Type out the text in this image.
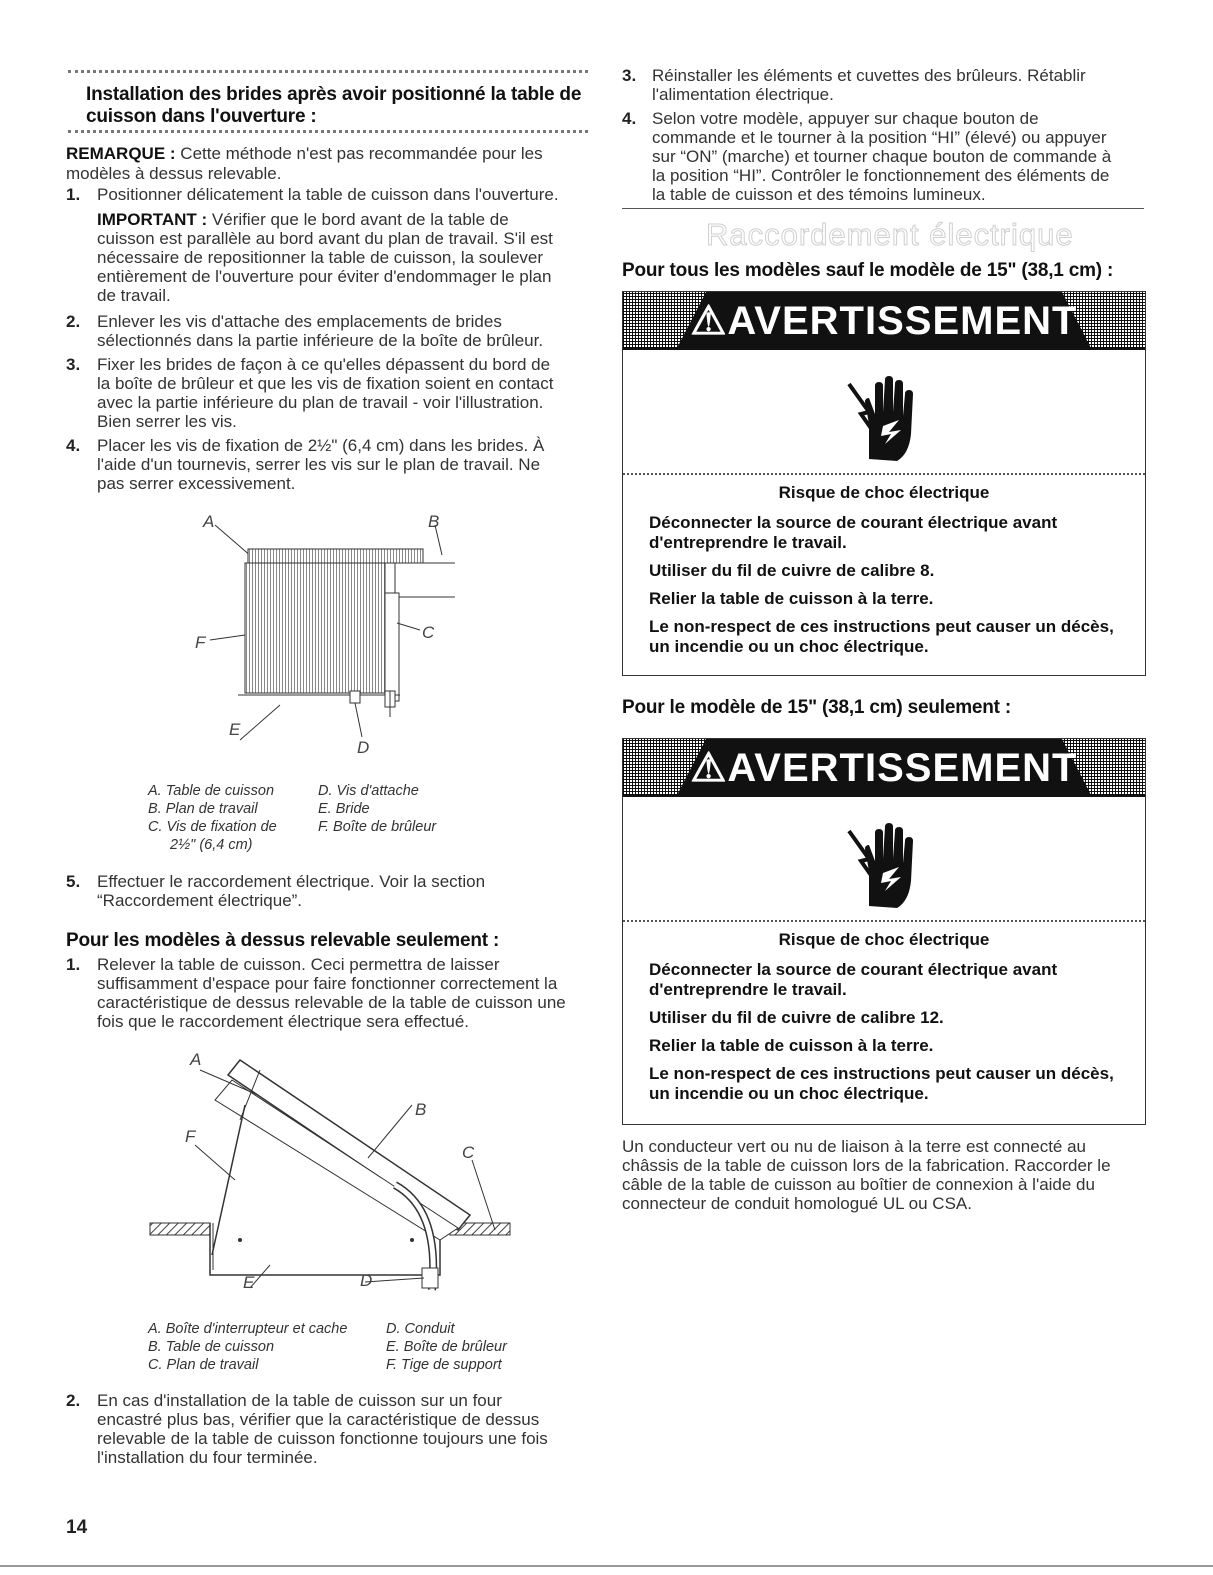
Installation des brides après avoir positionné la table de
cuisson dans l'ouverture :
REMARQUE : Cette méthode n'est pas recommandée pour les
modèles à dessus relevable.
1. Positionner délicatement la table de cuisson dans l'ouverture.
IMPORTANT : Vérifier que le bord avant de la table de
cuisson est parallèle au bord avant du plan de travail. S'il est
nécessaire de repositionner la table de cuisson, la soulever
entièrement de l'ouverture pour éviter d'endommager le plan
de travail.
2. Enlever les vis d'attache des emplacements de brides
sélectionnés dans la partie inférieure de la boîte de brûleur.
3. Fixer les brides de façon à ce qu'elles dépassent du bord de
la boîte de brûleur et que les vis de fixation soient en contact
avec la partie inférieure du plan de travail - voir l'illustration.
Bien serrer les vis.
4. Placer les vis de fixation de 2½" (6,4 cm) dans les brides. À
l'aide d'un tournevis, serrer les vis sur le plan de travail. Ne
pas serrer excessivement.
A	B
C
F
E
D
A. Table de cuisson
B. Plan de travail
C. Vis de fixation de
2½" (6,4 cm)
D. Vis d'attache
E. Bride
F. Boîte de brûleur
5. Effectuer le raccordement électrique. Voir la section
“Raccordement électrique”.
Pour les modèles à dessus relevable seulement :
1. Relever la table de cuisson. Ceci permettra de laisser
suffisamment d'espace pour faire fonctionner correctement la
caractéristique de dessus relevable de la table de cuisson une
fois que le raccordement électrique sera effectué.
A
B
F
C
E	D
A. Boîte d'interrupteur et cache
B. Table de cuisson
C. Plan de travail
D. Conduit
E. Boîte de brûleur
F. Tige de support
2. En cas d'installation de la table de cuisson sur un four
encastré plus bas, vérifier que la caractéristique de dessus
relevable de la table de cuisson fonctionne toujours une fois
l'installation du four terminée.
3. Réinstaller les éléments et cuvettes des brûleurs. Rétablir
l'alimentation électrique.
4. Selon votre modèle, appuyer sur chaque bouton de
commande et le tourner à la position “HI” (élevé) ou appuyer
sur “ON” (marche) et tourner chaque bouton de commande à
la position “HI”. Contrôler le fonctionnement des éléments de
la table de cuisson et des témoins lumineux.
Raccordement électrique
Pour tous les modèles sauf le modèle de 15" (38,1 cm) :
⚠AVERTISSEMENT
Risque de choc électrique
Déconnecter la source de courant électrique avant d'entreprendre le travail.
Utiliser du fil de cuivre de calibre 8.
Relier la table de cuisson à la terre.
Le non-respect de ces instructions peut causer un décès, un incendie ou un choc électrique.
Pour le modèle de 15" (38,1 cm) seulement :
⚠AVERTISSEMENT
Risque de choc électrique
Déconnecter la source de courant électrique avant d'entreprendre le travail.
Utiliser du fil de cuivre de calibre 12.
Relier la table de cuisson à la terre.
Le non-respect de ces instructions peut causer un décès, un incendie ou un choc électrique.
Un conducteur vert ou nu de liaison à la terre est connecté au
châssis de la table de cuisson lors de la fabrication. Raccorder le
câble de la table de cuisson au boîtier de connexion à l'aide du
connecteur de conduit homologué UL ou CSA.
14
